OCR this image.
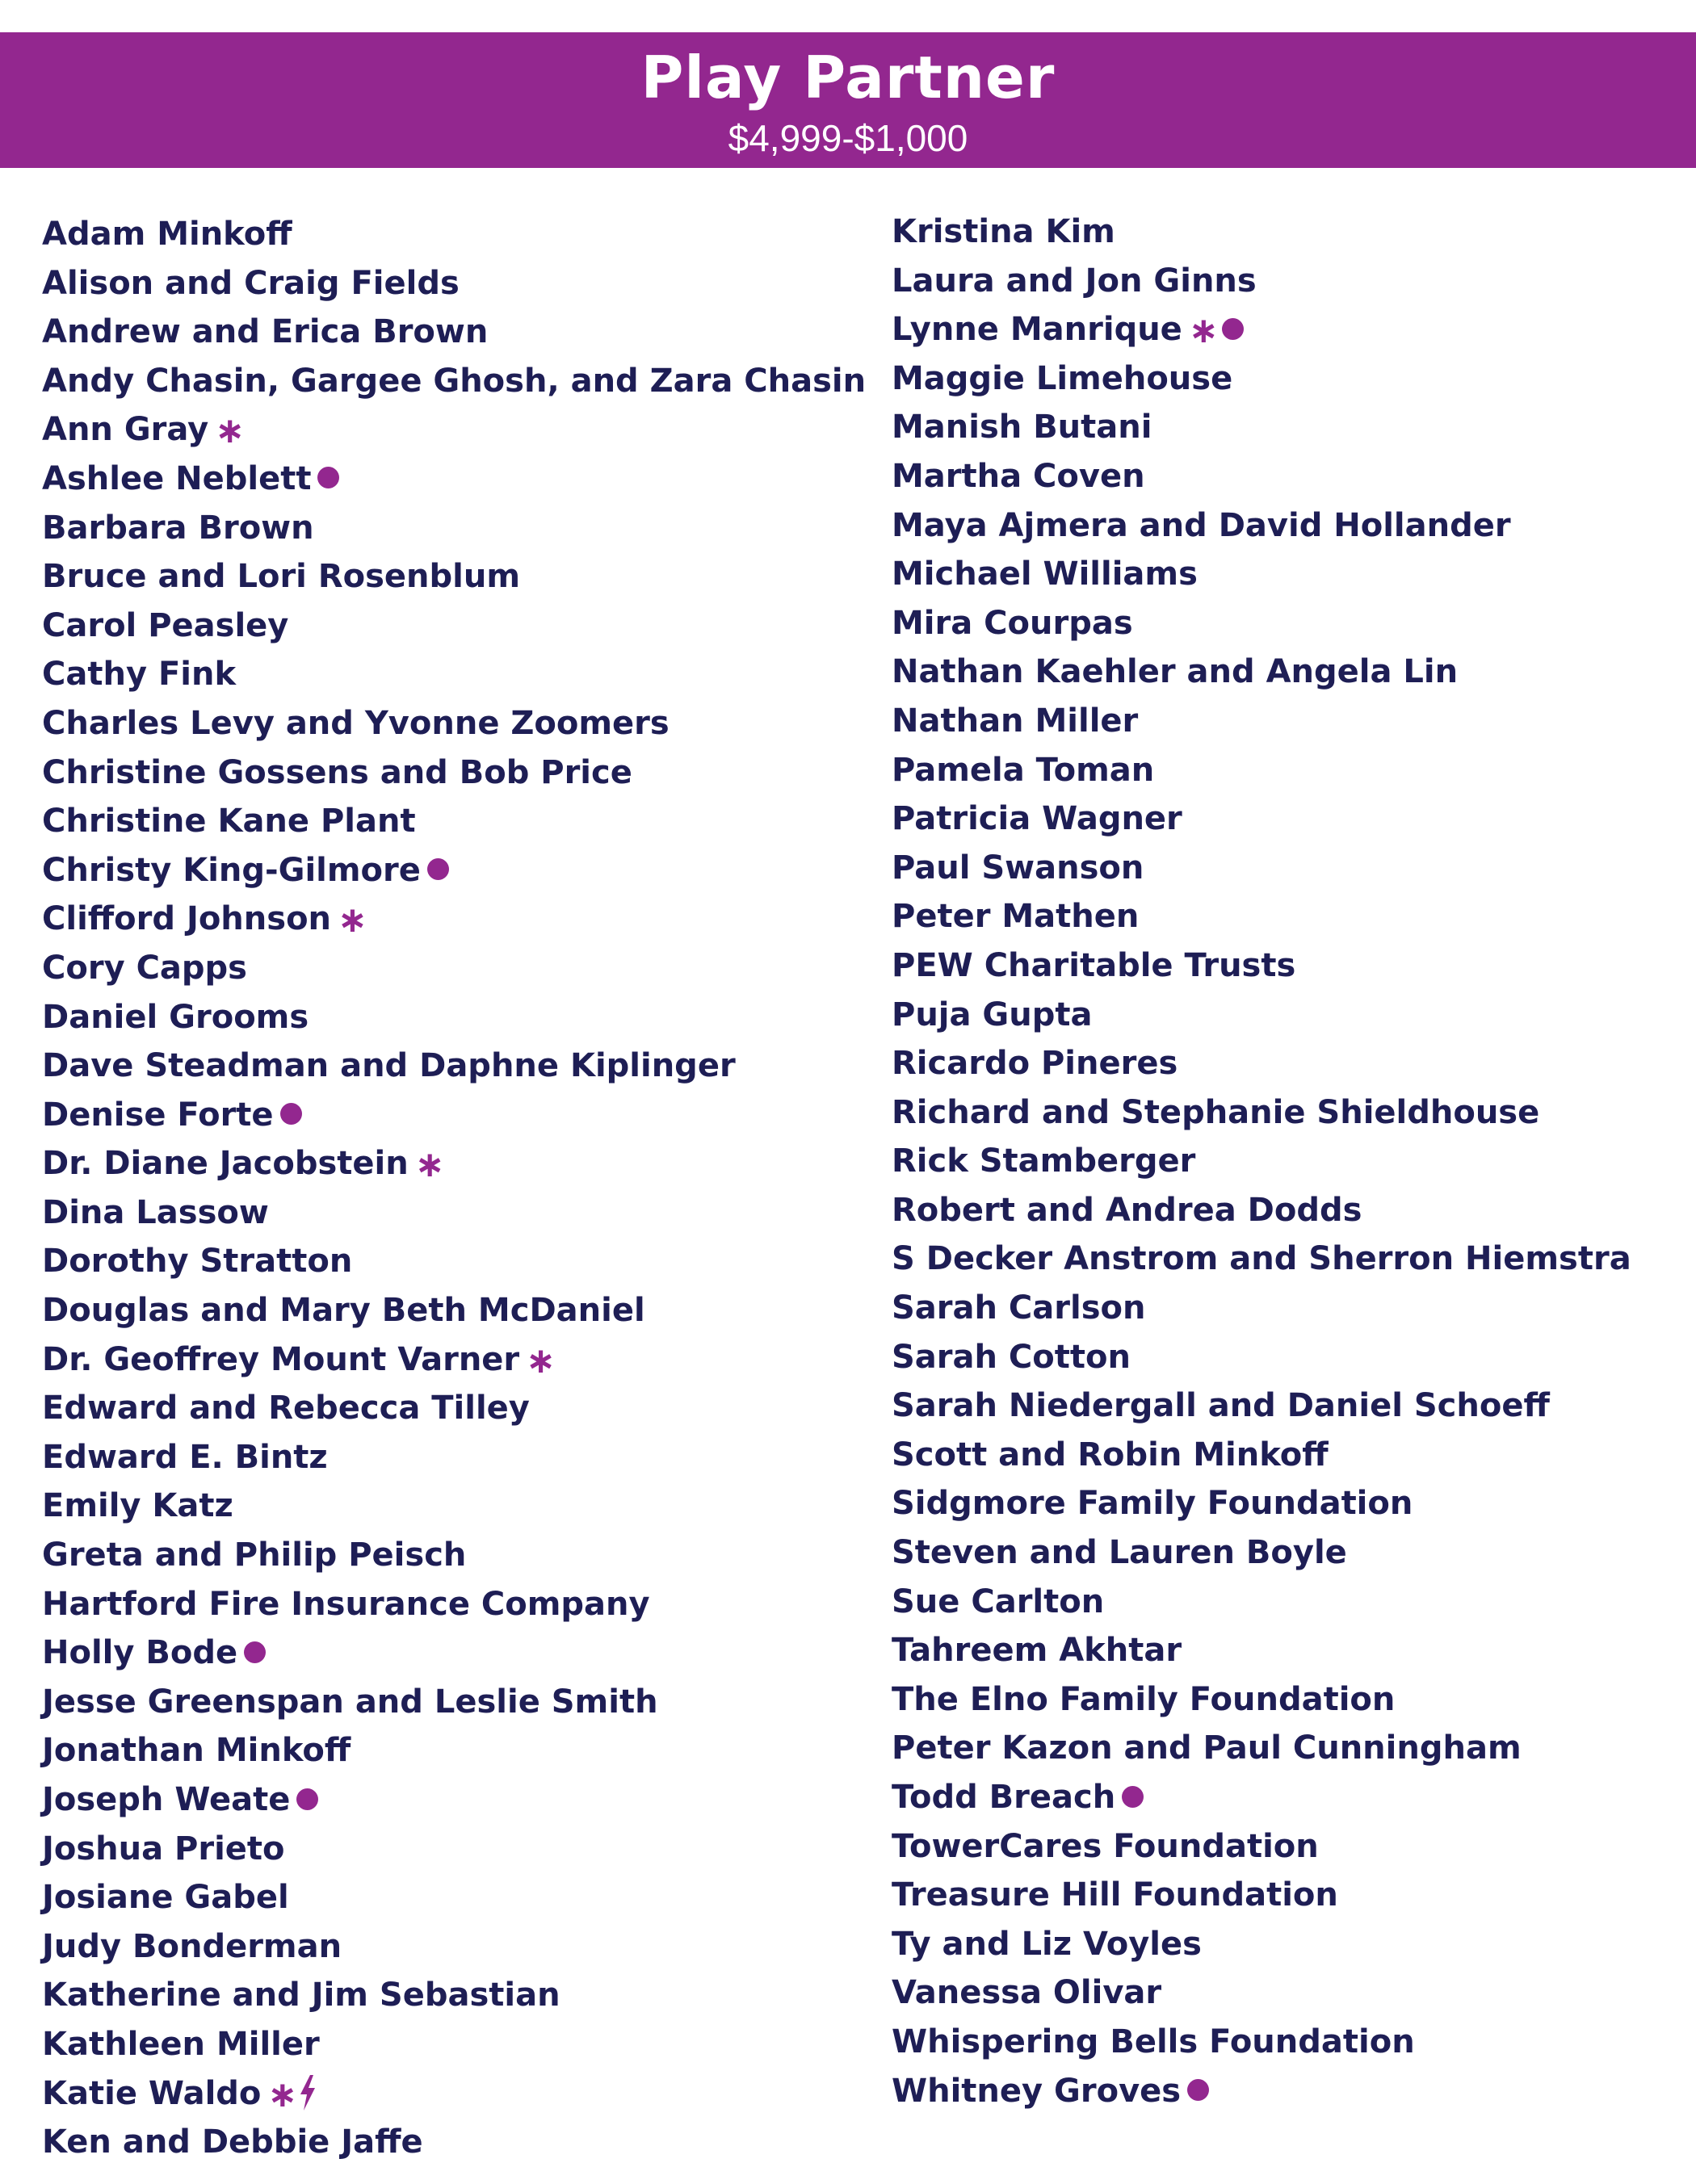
Play Partner
$4,999-$1,000
Adam Minkoff
Alison and Craig Fields
Andrew and Erica Brown
Andy Chasin, Gargee Ghosh, and Zara Chasin
Ann Gray ∗
Ashlee Neblett
Barbara Brown
Bruce and Lori Rosenblum
Carol Peasley
Cathy Fink
Charles Levy and Yvonne Zoomers
Christine Gossens and Bob Price
Christine Kane Plant
Christy King-Gilmore
Clifford Johnson ∗
Cory Capps
Daniel Grooms
Dave Steadman and Daphne Kiplinger
Denise Forte
Dr. Diane Jacobstein ∗
Dina Lassow
Dorothy Stratton
Douglas and Mary Beth McDaniel
Dr. Geoffrey Mount Varner ∗
Edward and Rebecca Tilley
Edward E. Bintz
Emily Katz
Greta and Philip Peisch
Hartford Fire Insurance Company
Holly Bode
Jesse Greenspan and Leslie Smith
Jonathan Minkoff
Joseph Weate
Joshua Prieto
Josiane Gabel
Judy Bonderman
Katherine and Jim Sebastian
Kathleen Miller
Katie Waldo ∗
Ken and Debbie Jaffe
Kristina Kim
Laura and Jon Ginns
Lynne Manrique ∗
Maggie Limehouse
Manish Butani
Martha Coven
Maya Ajmera and David Hollander
Michael Williams
Mira Courpas
Nathan Kaehler and Angela Lin
Nathan Miller
Pamela Toman
Patricia Wagner
Paul Swanson
Peter Mathen
PEW Charitable Trusts
Puja Gupta
Ricardo Pineres
Richard and Stephanie Shieldhouse
Rick Stamberger
Robert and Andrea Dodds
S Decker Anstrom and Sherron Hiemstra
Sarah Carlson
Sarah Cotton
Sarah Niedergall and Daniel Schoeff
Scott and Robin Minkoff
Sidgmore Family Foundation
Steven and Lauren Boyle
Sue Carlton
Tahreem Akhtar
The Elno Family Foundation
Peter Kazon and Paul Cunningham
Todd Breach
TowerCares Foundation
Treasure Hill Foundation
Ty and Liz Voyles
Vanessa Olivar
Whispering Bells Foundation
Whitney Groves
